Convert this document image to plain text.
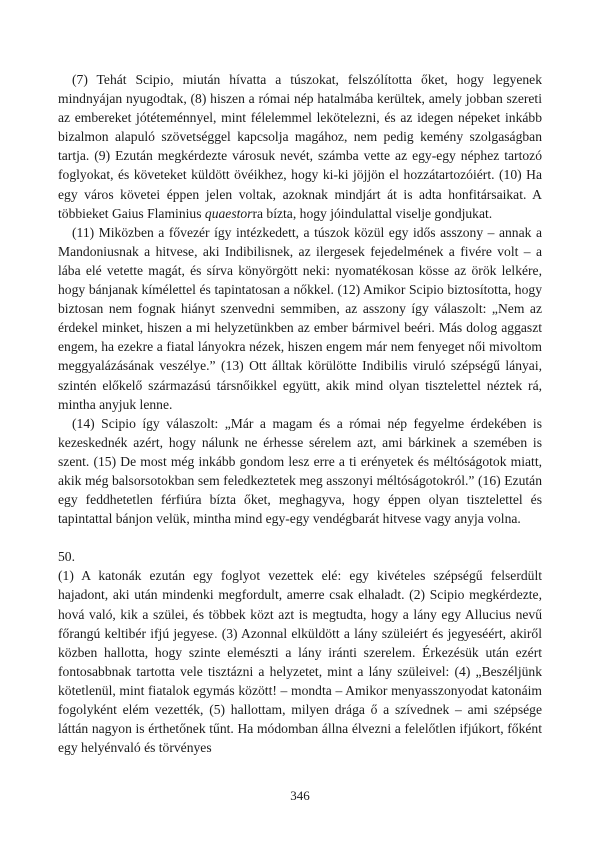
(7) Tehát Scipio, miután hívatta a túszokat, felszólította őket, hogy legyenek mindnyájan nyugodtak, (8) hiszen a római nép hatalmába kerültek, amely jobban szereti az embereket jótéteménnyel, mint félelemmel lekötelezni, és az idegen népeket inkább bizalmon alapuló szövetséggel kapcsolja magához, nem pedig kemény szolgaságban tartja. (9) Ezután megkérdezte városuk nevét, számba vette az egy-egy néphez tartozó foglyokat, és követeket küldött övéikhez, hogy ki-ki jöjjön el hozzátartozóiért. (10) Ha egy város követei éppen jelen voltak, azoknak mindjárt át is adta honfitársaikat. A többieket Gaius Flaminius quaestorra bízta, hogy jóindulattal viselje gondjukat.

(11) Miközben a fővezér így intézkedett, a túszok közül egy idős asszony – annak a Mandoniusnak a hitvese, aki Indibilisnek, az ilergesek fejedelmének a fivére volt – a lába elé vetette magát, és sírva könyörgött neki: nyomatékosan kösse az örök lelkére, hogy bánjanak kímélettel és tapintatosan a nőkkel. (12) Amikor Scipio biztosította, hogy biztosan nem fognak hiányt szenvedni semmiben, az asszony így válaszolt: „Nem az érdekel minket, hiszen a mi helyzetünkben az ember bármivel beéri. Más dolog aggaszt engem, ha ezekre a fiatal lányokra nézek, hiszen engem már nem fenyeget női mivoltom meggyalázásának veszélye.” (13) Ott álltak körülötte Indibilis viruló szépségű lányai, szintén előkelő származású társnőikkel együtt, akik mind olyan tisztelettel néztek rá, mintha anyjuk lenne.

(14) Scipio így válaszolt: „Már a magam és a római nép fegyelme érdekében is kezeskednék azért, hogy nálunk ne érhesse sérelem azt, ami bárkinek a szemében is szent. (15) De most még inkább gondom lesz erre a ti erényetek és méltóságotok miatt, akik még balsorsotokban sem feledkeztetek meg asszonyi méltóságotokról.” (16) Ezután egy feddhetetlen férfiúra bízta őket, meghagyva, hogy éppen olyan tisztelettel és tapintattal bánjon velük, mintha mind egy-egy vendégbarát hitvese vagy anyja volna.

50.

(1) A katonák ezután egy foglyot vezettek elé: egy kivételes szépségű felserdült hajadont, aki után mindenki megfordult, amerre csak elhaladt. (2) Scipio megkérdezte, hová való, kik a szülei, és többek közt azt is megtudta, hogy a lány egy Allucius nevű főrangú keltibér ifjú jegyese. (3) Azonnal elküldött a lány szüleiért és jegyeséért, akiről közben hallotta, hogy szinte elemészti a lány iránti szerelem. Érkezésük után ezért fontosabbnak tartotta vele tisztázni a helyzetet, mint a lány szüleivel: (4) „Beszéljünk kötetlenül, mint fiatalok egymás között! – mondta – Amikor menyasszonyodat katonáim fogolyként elém vezették, (5) hallottam, milyen drága ő a szívednek – ami szépsége láttán nagyon is érthetőnek tűnt. Ha módomban állna élvezni a felelőtlen ifjúkort, főként egy helyénvaló és törvényes

346
